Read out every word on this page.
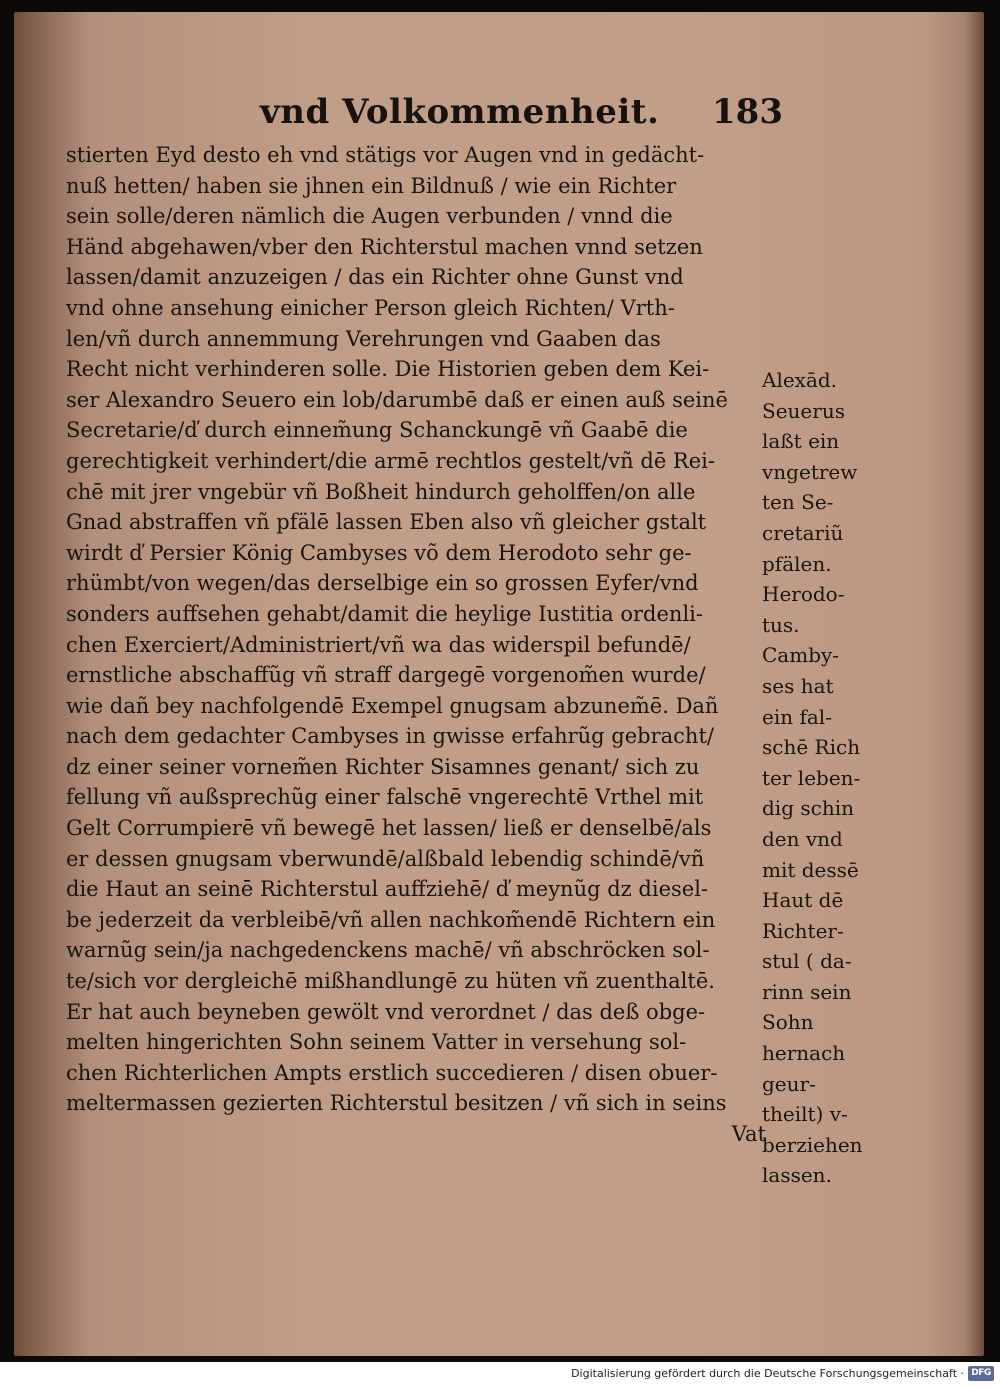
vnd Volkommenheit. 183
stierten Eyd desto eh vnd stätigs vor Augen vnd in gedächt-
nuß hetten/ haben sie jhnen ein Bildnuß / wie ein Richter
sein solle/deren nämlich die Augen verbunden / vnnd die
Händ abgehawen/vber den Richterstul machen vnnd setzen
lassen/damit anzuzeigen / das ein Richter ohne Gunst vnd
vnd ohne ansehung einicher Person gleich Richten/ Vrth-
len/vñ durch annemmung Verehrungen vnd Gaaben das
Recht nicht verhinderen solle. Die Historien geben dem Kei-
ser Alexandro Seuero ein lob/darumbē daß er einen auß seinē
Secretarie/ď durch einnem̃ung Schanckungē vñ Gaabē die
gerechtigkeit verhindert/die armē rechtlos gestelt/vñ dē Rei-
chē mit jrer vngebür vñ Boßheit hindurch geholffen/on alle
Gnad abstraffen vñ pfälē lassen Eben also vñ gleicher gstalt
wirdt ď Persier König Cambyses võ dem Herodoto sehr ge-
rhümbt/von wegen/das derselbige ein so grossen Eyfer/vnd
sonders auffsehen gehabt/damit die heylige Iustitia ordenli-
chen Exerciert/Administriert/vñ wa das widerspil befundē/
ernstliche abschaffũg vñ straff dargegē vorgenom̃en wurde/
wie dañ bey nachfolgendē Exempel gnugsam abzunem̃ē. Dañ
nach dem gedachter Cambyses in gwisse erfahrũg gebracht/
dz einer seiner vornem̃en Richter Sisamnes genant/ sich zu
fellung vñ außsprechũg einer falschē vngerechtē Vrthel mit
Gelt Corrumpierē vñ bewegē het lassen/ ließ er denselbē/als
er dessen gnugsam vberwundē/alßbald lebendig schindē/vñ
die Haut an seinē Richterstul auffziehē/ ď meynũg dz diesel-
be jederzeit da verbleibē/vñ allen nachkom̃endē Richtern ein
warnũg sein/ja nachgedenckens machē/ vñ abschröcken sol-
te/sich vor dergleichē mißhandlungē zu hüten vñ zuenthaltē.
Er hat auch beyneben gewölt vnd verordnet / das deß obge-
melten hingerichten Sohn seinem Vatter in versehung sol-
chen Richterlichen Ampts erstlich succedieren / disen obuer-
meltermassen gezierten Richterstul besitzen / vñ sich in seins
Vat
Alexād.
Seuerus
laßt ein
vngetrew
ten Se-
cretariũ
pfälen.
Herodo-
tus.
Camby-
ses hat
ein fal-
schē Rich
ter leben-
dig schin
den vnd
mit dessē
Haut dē
Richter-
stul ( da-
rinn sein
Sohn
hernach
geur-
theilt) v-
berziehen
lassen.
Digitalisierung gefördert durch die Deutsche Forschungsgemeinschaft · DFG
